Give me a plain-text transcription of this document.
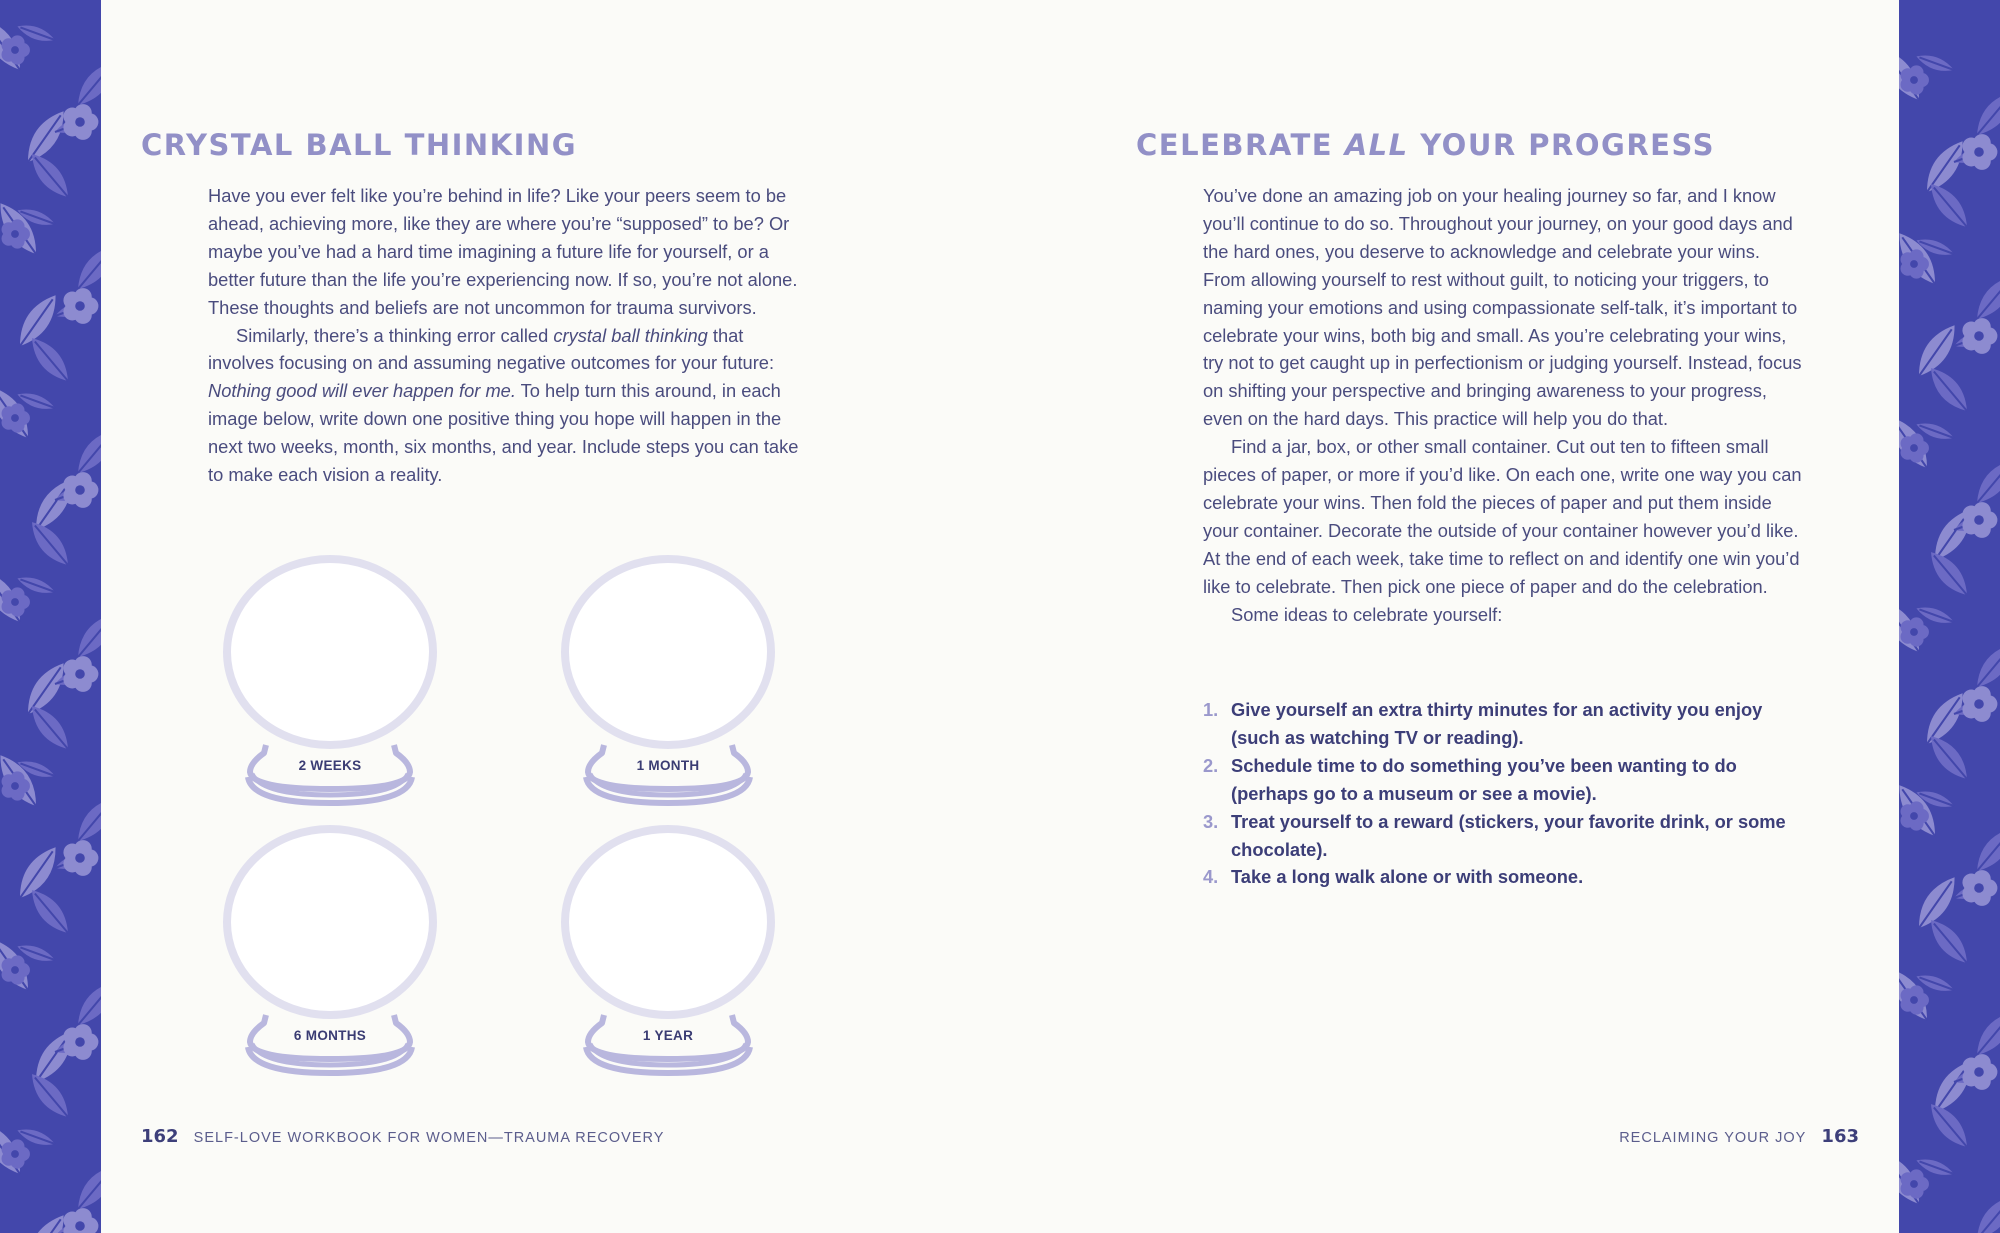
CRYSTAL BALL THINKING

Have you ever felt like you’re behind in life? Like your peers seem to be ahead, achieving more, like they are where you’re “supposed” to be? Or maybe you’ve had a hard time imagining a future life for yourself, or a better future than the life you’re experiencing now. If so, you’re not alone. These thoughts and beliefs are not uncommon for trauma survivors.

Similarly, there’s a thinking error called crystal ball thinking that involves focusing on and assuming negative outcomes for your future: Nothing good will ever happen for me. To help turn this around, in each image below, write down one positive thing you hope will happen in the next two weeks, month, six months, and year. Include steps you can take to make each vision a reality.

2 WEEKS	1 MONTH
6 MONTHS	1 YEAR
162 SELF-LOVE WORKBOOK FOR WOMEN—TRAUMA RECOVERY
CELEBRATE ALL YOUR PROGRESS

You’ve done an amazing job on your healing journey so far, and I know you’ll continue to do so. Throughout your journey, on your good days and the hard ones, you deserve to acknowledge and celebrate your wins. From allowing yourself to rest without guilt, to noticing your triggers, to naming your emotions and using compassionate self-talk, it’s important to celebrate your wins, both big and small. As you’re celebrating your wins, try not to get caught up in perfectionism or judging yourself. Instead, focus on shifting your perspective and bringing awareness to your progress, even on the hard days. This practice will help you do that.

Find a jar, box, or other small container. Cut out ten to fifteen small pieces of paper, or more if you’d like. On each one, write one way you can celebrate your wins. Then fold the pieces of paper and put them inside your container. Decorate the outside of your container however you’d like. At the end of each week, take time to reflect on and identify one win you’d like to celebrate. Then pick one piece of paper and do the celebration.

Some ideas to celebrate yourself:

1. Give yourself an extra thirty minutes for an activity you enjoy (such as watching TV or reading).
2. Schedule time to do something you’ve been wanting to do (perhaps go to a museum or see a movie).
3. Treat yourself to a reward (stickers, your favorite drink, or some chocolate).
4. Take a long walk alone or with someone.
RECLAIMING YOUR JOY 163
